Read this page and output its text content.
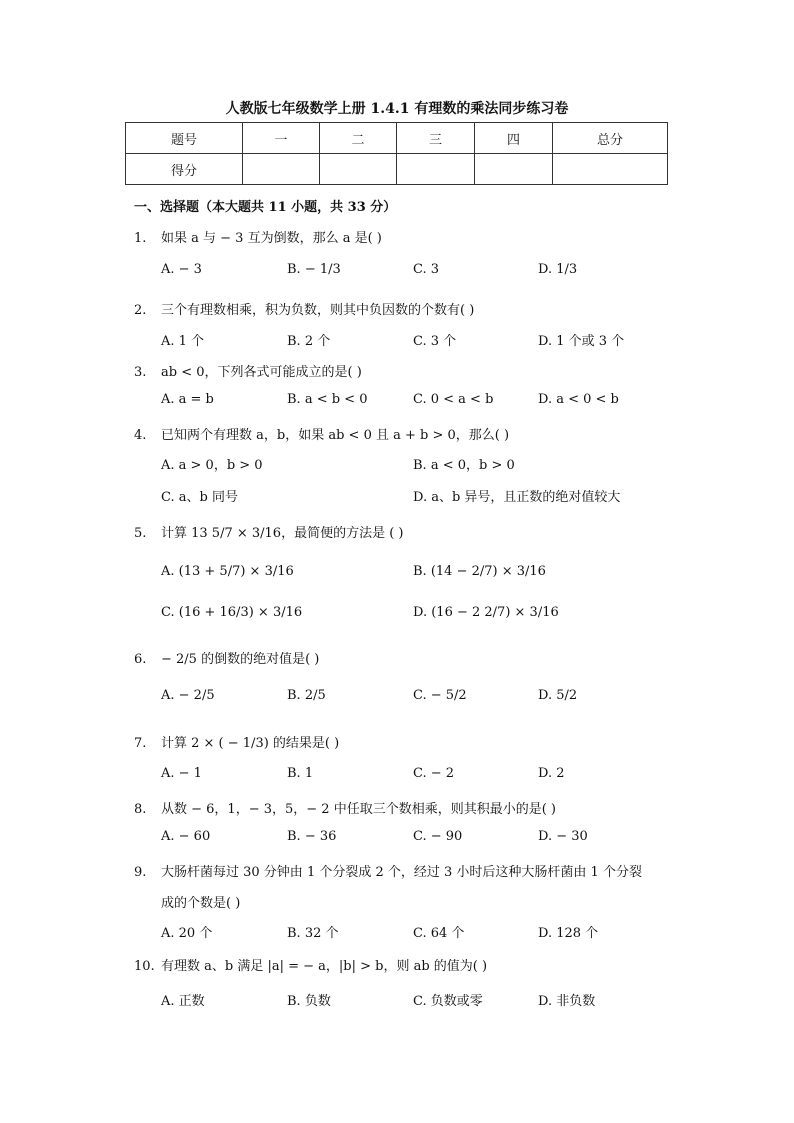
人教版七年级数学上册 1.4.1 有理数的乘法同步练习卷
题号	一	二	三	四	总分
得分					
一、选择题（本大题共 11 小题，共 33 分）
1. 如果 a 与 − 3 互为倒数，那么 a 是( )
A. − 3	B. − 1/3	C. 3	D. 1/3
2. 三个有理数相乘，积为负数，则其中负因数的个数有( )
A. 1 个	B. 2 个	C. 3 个	D. 1 个或 3 个
3. ab < 0，下列各式可能成立的是( )
A. a = b	B. a < b < 0	C. 0 < a < b	D. a < 0 < b
4. 已知两个有理数 a，b，如果 ab < 0 且 a + b > 0，那么( )
A. a > 0，b > 0	B. a < 0，b > 0
C. a、b 同号	D. a、b 异号，且正数的绝对值较大
5. 计算 13 5/7 × 3/16，最简便的方法是 ( )
A. (13 + 5/7) × 3/16	B. (14 − 2/7) × 3/16
C. (16 + 16/3) × 3/16	D. (16 − 2 2/7) × 3/16
6. − 2/5 的倒数的绝对值是( )
A. − 2/5	B. 2/5	C. − 5/2	D. 5/2
7. 计算 2 × ( − 1/3) 的结果是( )
A. − 1	B. 1	C. − 2	D. 2
8. 从数 − 6，1，− 3，5，− 2 中任取三个数相乘，则其积最小的是( )
A. − 60	B. − 36	C. − 90	D. − 30
9. 大肠杆菌每过 30 分钟由 1 个分裂成 2 个，经过 3 小时后这种大肠杆菌由 1 个分裂
成的个数是( )
A. 20 个	B. 32 个	C. 64 个	D. 128 个
10. 有理数 a、b 满足 |a| = − a，|b| > b，则 ab 的值为( )
A. 正数	B. 负数	C. 负数或零	D. 非负数
